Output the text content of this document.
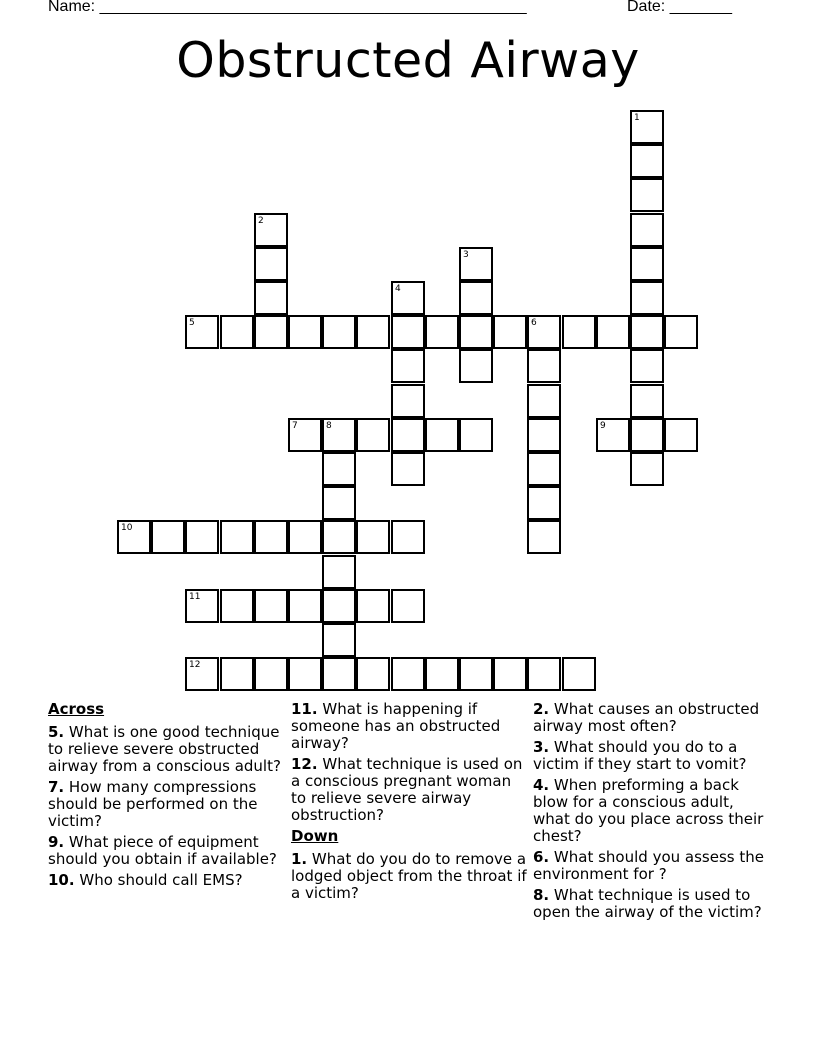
Name: ________________________________________________	Date: _______
Obstructed Airway
1
2
3
4
5	6
7	8	9
10
11
12
Across
5. What is one good technique to relieve severe obstructed airway from a conscious adult?
7. How many compressions should be performed on the victim?
9. What piece of equipment should you obtain if available?
10. Who should call EMS?
11. What is happening if someone has an obstructed airway?
12. What technique is used on a conscious pregnant woman to relieve severe airway obstruction?
Down
1. What do you do to remove a lodged object from the throat if a victim?
2. What causes an obstructed airway most often?
3. What should you do to a victim if they start to vomit?
4. When preforming a back blow for a conscious adult, what do you place across their chest?
6. What should you assess the environment for ?
8. What technique is used to open the airway of the victim?
